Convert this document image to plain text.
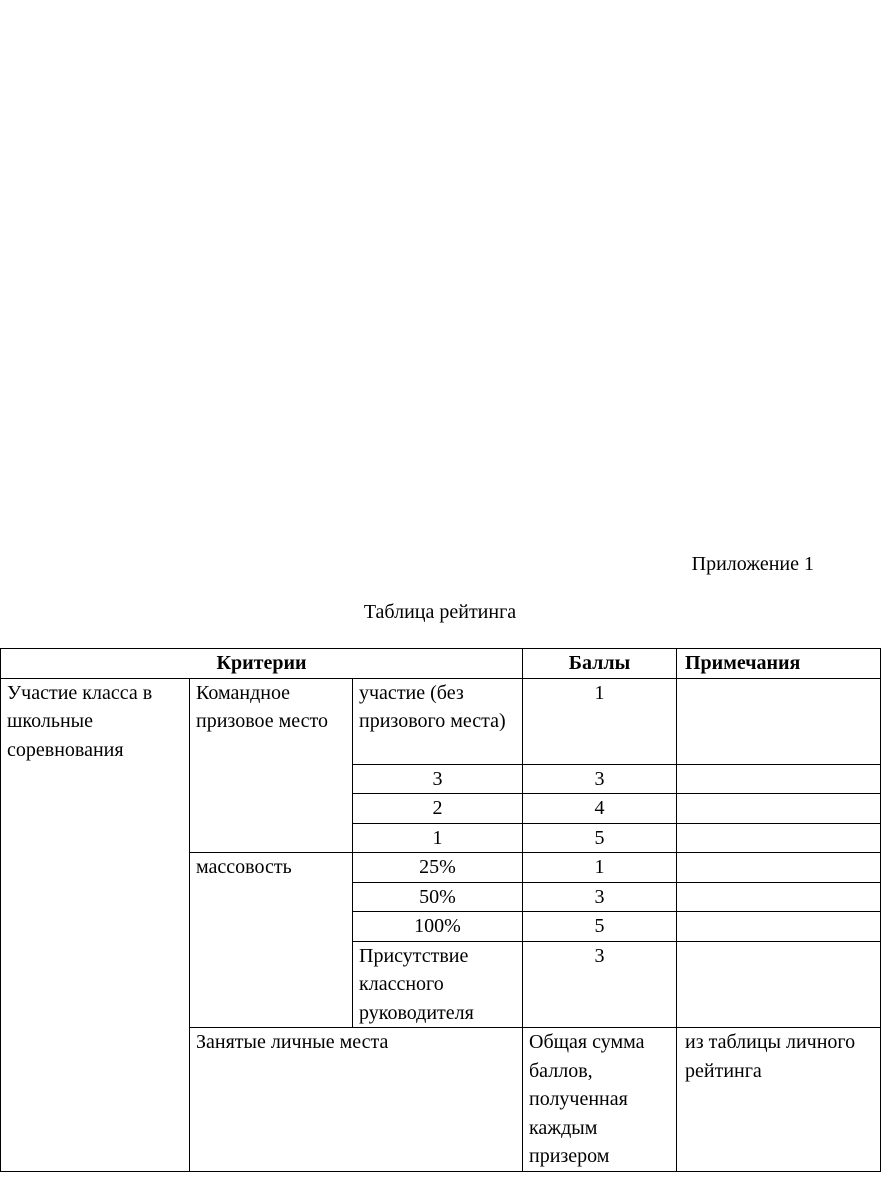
Приложение 1

Таблица рейтинга

Критерии			Баллы	Примечания
Участие класса в школьные соревнования	Командное призовое место	участие (без призового места)	1	
		3	3	
		2	4	
		1	5	
	массовость	25%	1	
		50%	3	
		100%	5	
		Присутствие классного руководителя	3	
	Занятые личные места		Общая сумма баллов, полученная каждым призером	из таблицы личного рейтинга
